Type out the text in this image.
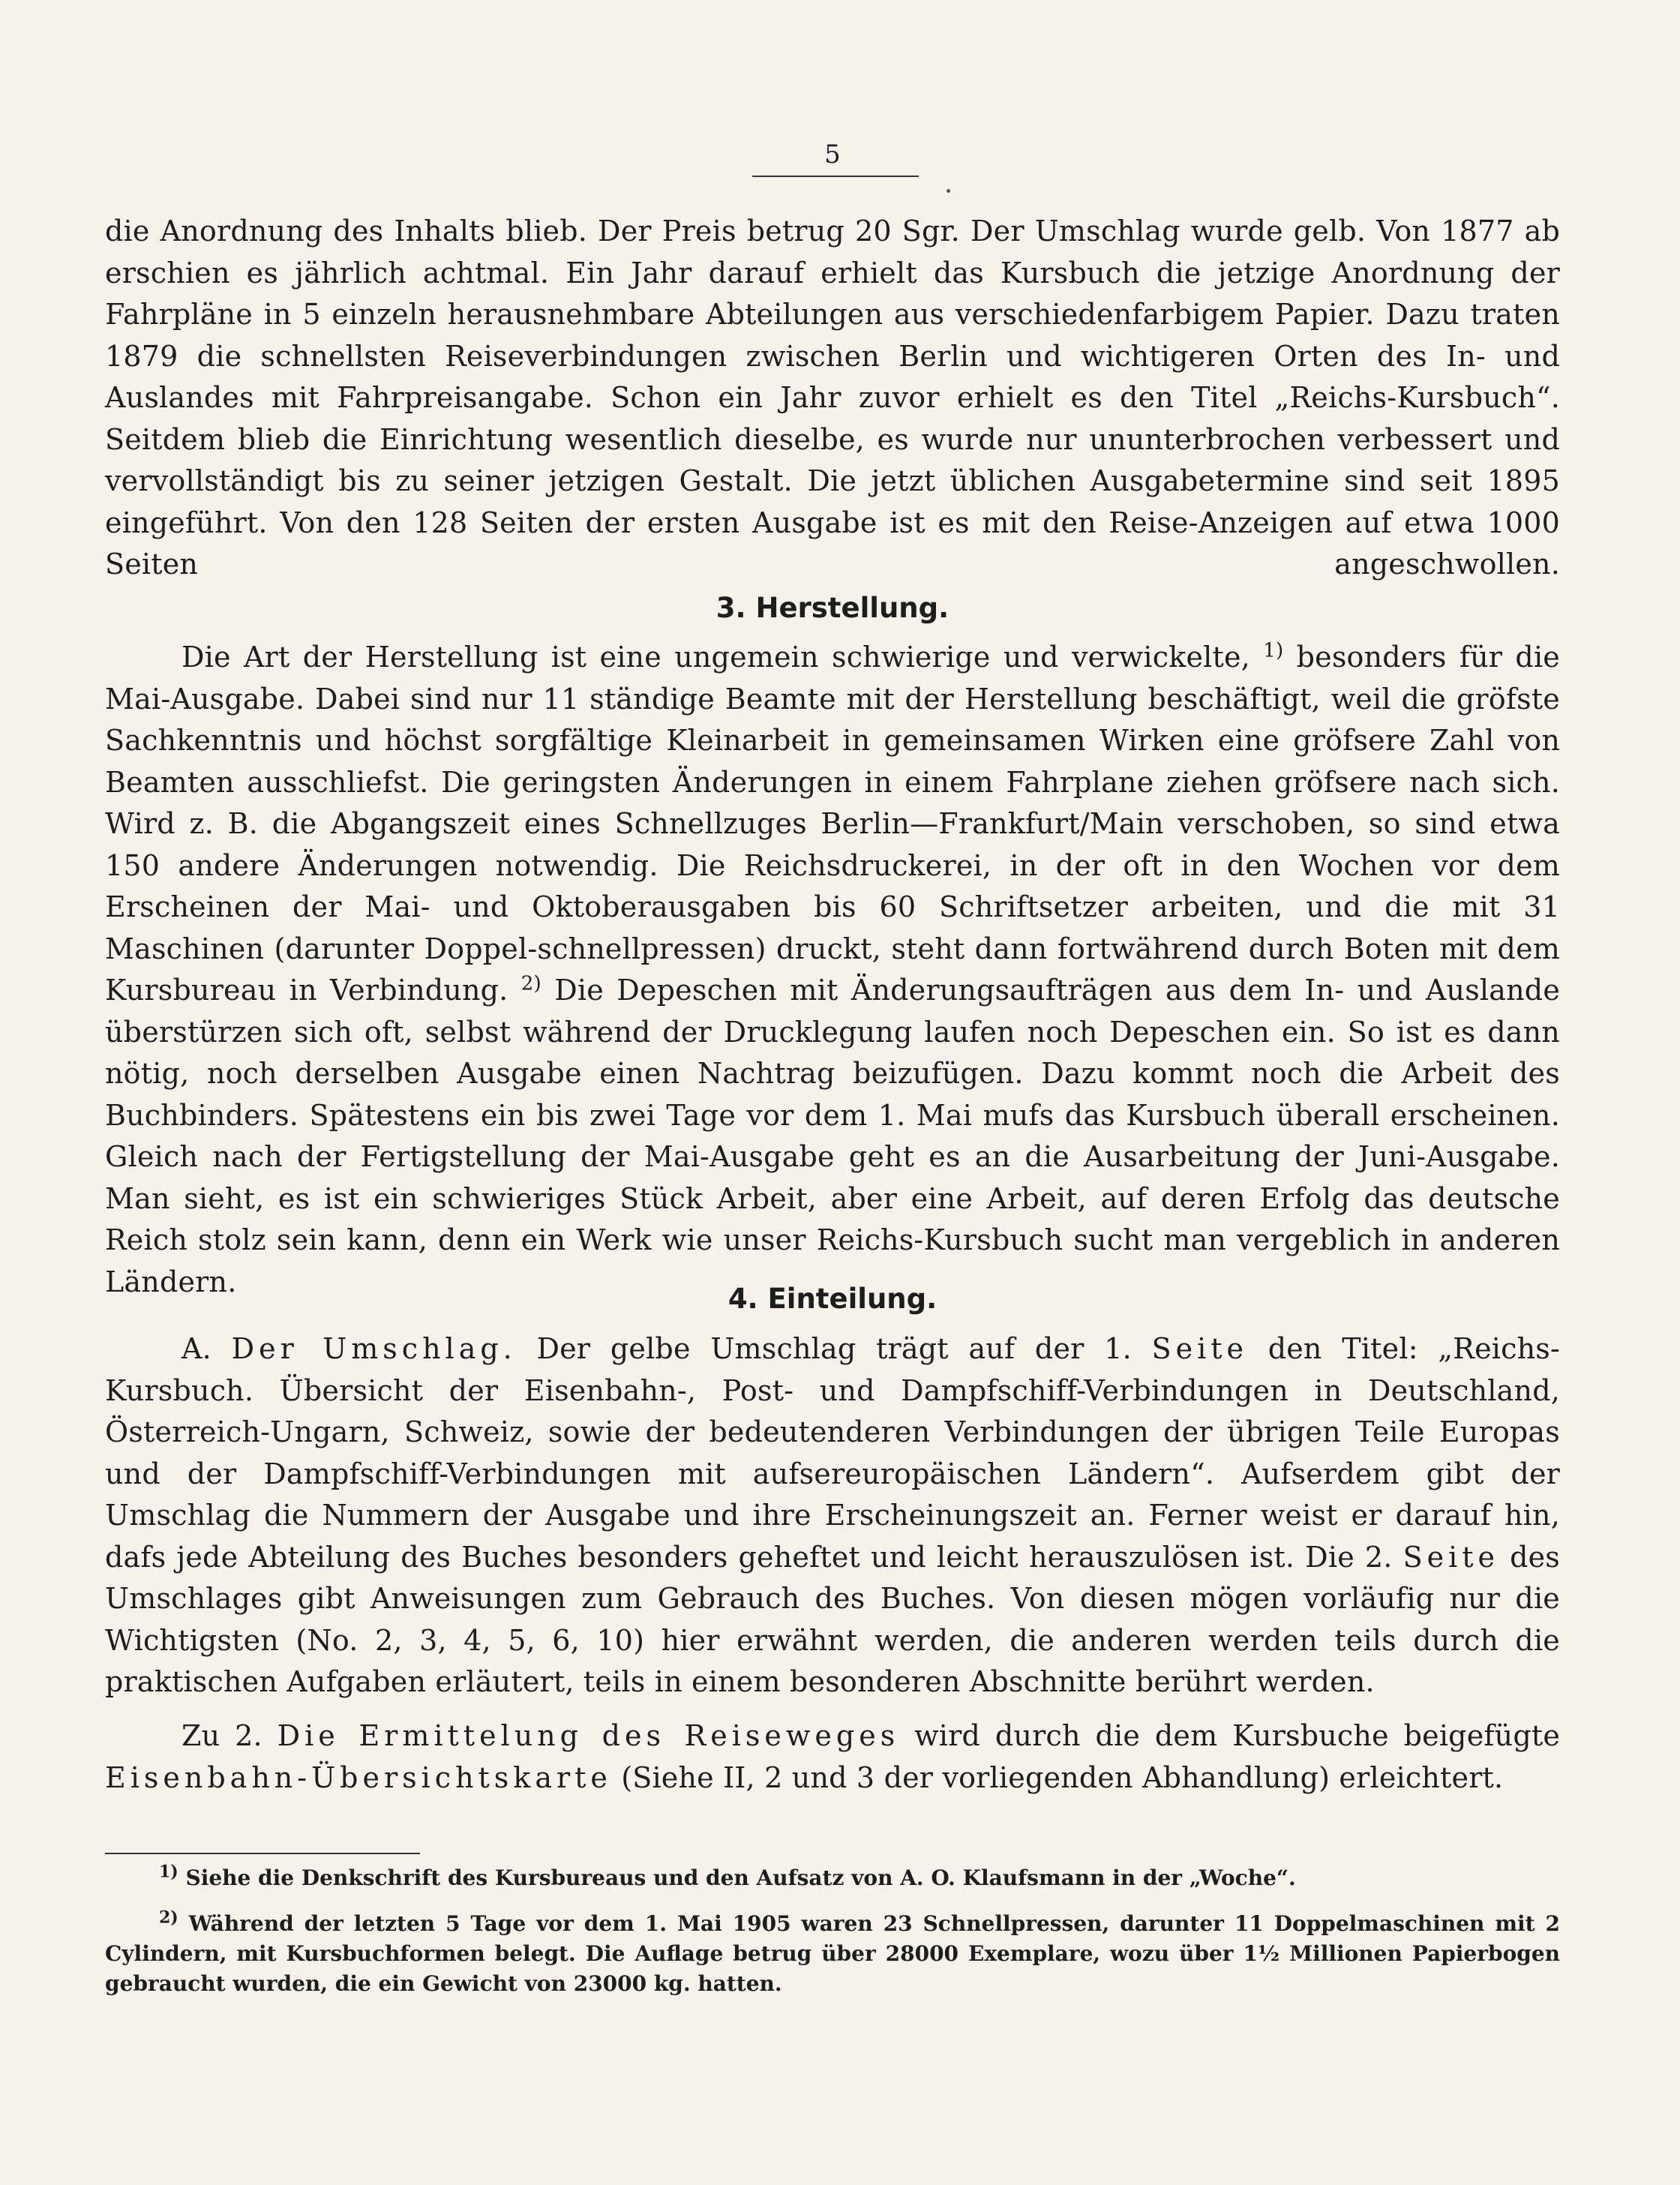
5

die Anordnung des Inhalts blieb. Der Preis betrug 20 Sgr. Der Umschlag wurde gelb. Von 1877 ab erschien es jährlich achtmal. Ein Jahr darauf erhielt das Kursbuch die jetzige Anordnung der Fahrpläne in 5 einzeln herausnehmbare Abteilungen aus verschiedenfarbigem Papier. Dazu traten 1879 die schnellsten Reiseverbindungen zwischen Berlin und wichtigeren Orten des In- und Auslandes mit Fahrpreisangabe. Schon ein Jahr zuvor erhielt es den Titel „Reichs-Kursbuch“. Seitdem blieb die Einrichtung wesentlich dieselbe, es wurde nur ununterbrochen verbessert und vervollständigt bis zu seiner jetzigen Gestalt. Die jetzt üblichen Ausgabetermine sind seit 1895 eingeführt. Von den 128 Seiten der ersten Ausgabe ist es mit den Reise-Anzeigen auf etwa 1000 Seiten angeschwollen.

3. Herstellung.

Die Art der Herstellung ist eine ungemein schwierige und verwickelte, $^{1)}$ besonders für die Mai-Ausgabe. Dabei sind nur 11 ständige Beamte mit der Herstellung beschäftigt, weil die gröfste Sachkenntnis und höchst sorgfältige Kleinarbeit in gemeinsamen Wirken eine gröfsere Zahl von Beamten ausschliefst. Die geringsten Änderungen in einem Fahrplane ziehen gröfsere nach sich. Wird z. B. die Abgangszeit eines Schnellzuges Berlin—Frankfurt/Main verschoben, so sind etwa 150 andere Änderungen notwendig. Die Reichsdruckerei, in der oft in den Wochen vor dem Erscheinen der Mai- und Oktoberausgaben bis 60 Schriftsetzer arbeiten, und die mit 31 Maschinen (darunter Doppel-schnellpressen) druckt, steht dann fortwährend durch Boten mit dem Kursbureau in Verbindung. $^{2)}$ Die Depeschen mit Änderungsaufträgen aus dem In- und Auslande überstürzen sich oft, selbst während der Drucklegung laufen noch Depeschen ein. So ist es dann nötig, noch derselben Ausgabe einen Nachtrag beizufügen. Dazu kommt noch die Arbeit des Buchbinders. Spätestens ein bis zwei Tage vor dem 1. Mai mufs das Kursbuch überall erscheinen. Gleich nach der Fertigstellung der Mai-Ausgabe geht es an die Ausarbeitung der Juni-Ausgabe. Man sieht, es ist ein schwieriges Stück Arbeit, aber eine Arbeit, auf deren Erfolg das deutsche Reich stolz sein kann, denn ein Werk wie unser Reichs-Kursbuch sucht man vergeblich in anderen Ländern.

4. Einteilung.

A. Der Umschlag. Der gelbe Umschlag trägt auf der 1. Seite den Titel: „Reichs-Kursbuch. Übersicht der Eisenbahn-, Post- und Dampfschiff-Verbindungen in Deutschland, Österreich-Ungarn, Schweiz, sowie der bedeutenderen Verbindungen der übrigen Teile Europas und der Dampfschiff-Verbindungen mit aufsereuropäischen Ländern“. Aufserdem gibt der Umschlag die Nummern der Ausgabe und ihre Erscheinungszeit an. Ferner weist er darauf hin, dafs jede Abteilung des Buches besonders geheftet und leicht herauszulösen ist. Die 2. Seite des Umschlages gibt Anweisungen zum Gebrauch des Buches. Von diesen mögen vorläufig nur die Wichtigsten (No. 2, 3, 4, 5, 6, 10) hier erwähnt werden, die anderen werden teils durch die praktischen Aufgaben erläutert, teils in einem besonderen Abschnitte berührt werden.

Zu 2. Die Ermittelung des Reiseweges wird durch die dem Kursbuche beigefügte Eisenbahn-Übersichtskarte (Siehe II, 2 und 3 der vorliegenden Abhandlung) erleichtert.

$^{1)}$ Siehe die Denkschrift des Kursbureaus und den Aufsatz von A. O. Klaufsmann in der „Woche“.

$^{2)}$ Während der letzten 5 Tage vor dem 1. Mai 1905 waren 23 Schnellpressen, darunter 11 Doppelmaschinen mit 2 Cylindern, mit Kursbuchformen belegt. Die Auflage betrug über 28000 Exemplare, wozu über 1½ Millionen Papierbogen gebraucht wurden, die ein Gewicht von 23000 kg. hatten.
